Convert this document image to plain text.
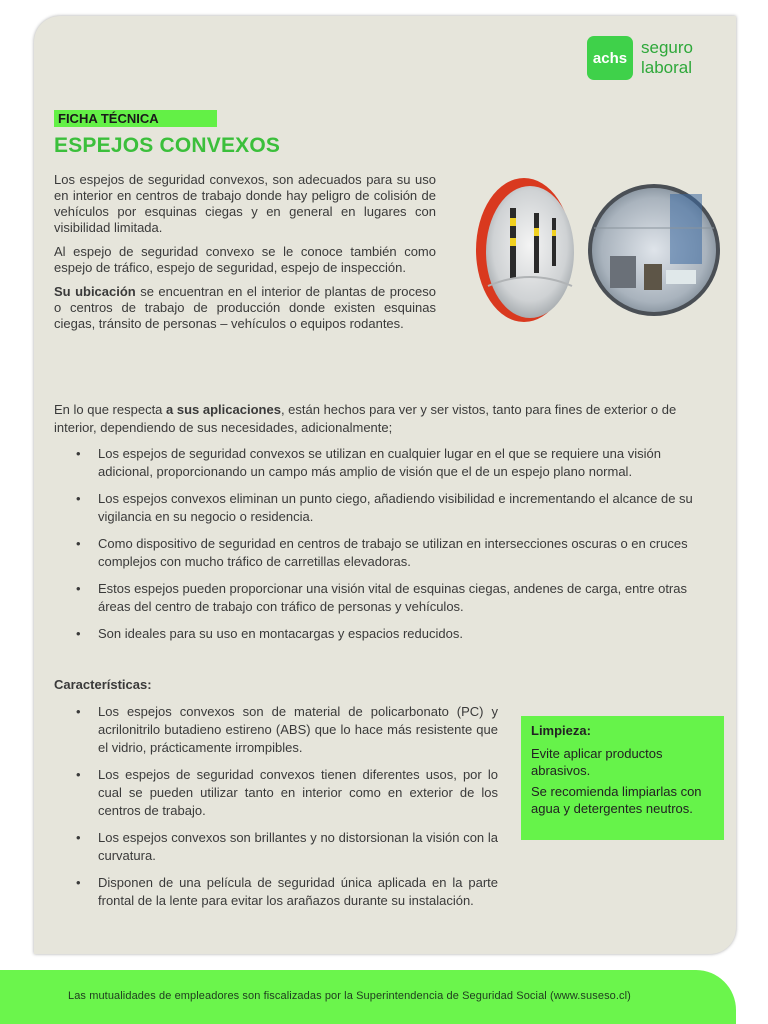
achs
seguro
laboral
FICHA TÉCNICA
ESPEJOS CONVEXOS

Los espejos de seguridad convexos, son adecuados para su uso en interior en centros de trabajo donde hay peligro de colisión de vehículos por esquinas ciegas y en general en lugares con visibilidad limitada.

Al espejo de seguridad convexo se le conoce también como espejo de tráfico, espejo de seguridad, espejo de inspección.

Su ubicación se encuentran en el interior de plantas de proceso o centros de trabajo de producción donde existen esquinas ciegas, tránsito de personas – vehículos o equipos rodantes.

En lo que respecta a sus aplicaciones, están hechos para ver y ser vistos, tanto para fines de exterior o de interior, dependiendo de sus necesidades, adicionalmente;

• Los espejos de seguridad convexos se utilizan en cualquier lugar en el que se requiere una visión adicional, proporcionando un campo más amplio de visión que el de un espejo plano normal.
• Los espejos convexos eliminan un punto ciego, añadiendo visibilidad e incrementando el alcance de su vigilancia en su negocio o residencia.
• Como dispositivo de seguridad en centros de trabajo se utilizan en intersecciones oscuras o en cruces complejos con mucho tráfico de carretillas elevadoras.
• Estos espejos pueden proporcionar una visión vital de esquinas ciegas, andenes de carga, entre otras áreas del centro de trabajo con tráfico de personas y vehículos.
• Son ideales para su uso en montacargas y espacios reducidos.
Características:
• Los espejos convexos son de material de policarbonato (PC) y acrilonitrilo butadieno estireno (ABS) que lo hace más resistente que el vidrio, prácticamente irrompibles.
• Los espejos de seguridad convexos tienen diferentes usos, por lo cual se pueden utilizar tanto en interior como en exterior de los centros de trabajo.
• Los espejos convexos son brillantes y no distorsionan la visión con la curvatura.
• Disponen de una película de seguridad única aplicada en la parte frontal de la lente para evitar los arañazos durante su instalación.
Limpieza:

Evite aplicar productos abrasivos.

Se recomienda limpiarlas con agua y detergentes neutros.

Las mutualidades de empleadores son fiscalizadas por la Superintendencia de Seguridad Social (www.suseso.cl)
